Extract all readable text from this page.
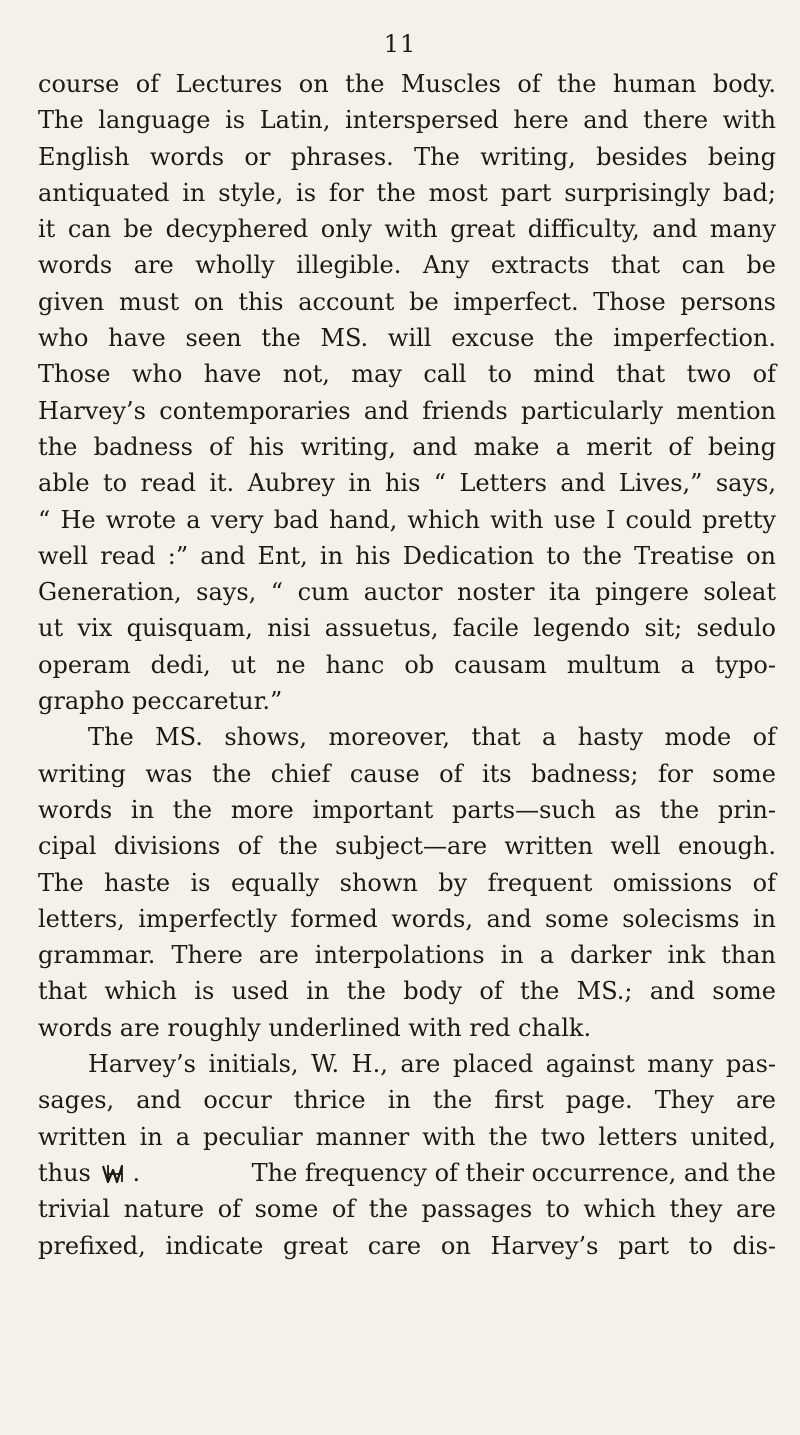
11
course of Lectures on the Muscles of the human body.
The language is Latin, interspersed here and there with
English words or phrases. The writing, besides being
antiquated in style, is for the most part surprisingly bad;
it can be decyphered only with great difficulty, and many
words are wholly illegible. Any extracts that can be
given must on this account be imperfect. Those persons
who have seen the MS. will excuse the imperfection.
Those who have not, may call to mind that two of
Harvey’s contemporaries and friends particularly mention
the badness of his writing, and make a merit of being
able to read it. Aubrey in his “ Letters and Lives,” says,
“ He wrote a very bad hand, which with use I could pretty
well read :” and Ent, in his Dedication to the Treatise on
Generation, says, “ cum auctor noster ita pingere soleat
ut vix quisquam, nisi assuetus, facile legendo sit; sedulo
operam dedi, ut ne hanc ob causam multum a typo-
grapho peccaretur.”
The MS. shows, moreover, that a hasty mode of
writing was the chief cause of its badness; for some
words in the more important parts—such as the prin-
cipal divisions of the subject—are written well enough.
The haste is equally shown by frequent omissions of
letters, imperfectly formed words, and some solecisms in
grammar. There are interpolations in a darker ink than
that which is used in the body of the MS.; and some
words are roughly underlined with red chalk.
Harvey’s initials, W. H., are placed against many pas-
sages, and occur thrice in the first page. They are
written in a peculiar manner with the two letters united,
thus .	The frequency of their occurrence, and the
trivial nature of some of the passages to which they are
prefixed, indicate great care on Harvey’s part to dis-
